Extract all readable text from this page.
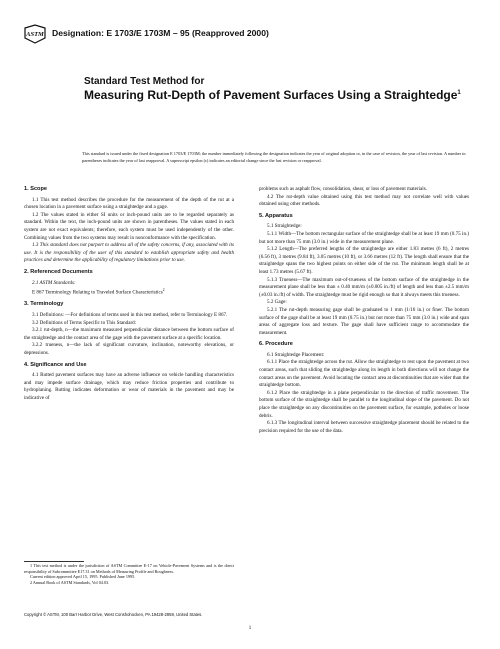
ASTM Designation: E 1703/E 1703M – 95 (Reapproved 2000)
Standard Test Method for
Measuring Rut-Depth of Pavement Surfaces Using a Straightedge$^1$
This standard is issued under the fixed designation E 1703/E 1703M; the number immediately following the designation indicates the year of original adoption or, in the case of revision, the year of last revision. A number in parentheses indicates the year of last reapproval. A superscript epsilon (ε) indicates an editorial change since the last revision or reapproval.
1. Scope

1.1 This test method describes the procedure for the measurement of the depth of the rut at a chosen location in a pavement surface using a straightedge and a gage.

1.2 The values stated in either SI units or inch-pound units are to be regarded separately as standard. Within the text, the inch-pound units are shown in parentheses. The values stated in each system are not exact equivalents; therefore, each system must be used independently of the other. Combining values from the two systems may result in nonconformance with the specification.

1.3 This standard does not purport to address all of the safety concerns, if any, associated with its use. It is the responsibility of the user of this standard to establish appropriate safety and health practices and determine the applicability of regulatory limitations prior to use.

2. Referenced Documents

2.1 ASTM Standards:

E 867 Terminology Relating to Traveled Surface Characteristics$^2$

3. Terminology

3.1 Definitions: —For definitions of terms used in this test method, refer to Terminology E 867.

3.2 Definitions of Terms Specific to This Standard:

3.2.1 rut-depth, n—the maximum measured perpendicular distance between the bottom surface of the straightedge and the contact area of the gage with the pavement surface at a specific location.

3.2.2 trueness, n—the lack of significant curvature, inclination, noteworthy elevations, or depressions.

4. Significance and Use

4.1 Rutted pavement surfaces may have an adverse influence on vehicle handling characteristics and may impede surface drainage, which may reduce friction properties and contribute to hydroplaning. Rutting indicates deformation or wear of materials in the pavement and may be indicative of

1 This test method is under the jurisdiction of ASTM Committee E-17 on Vehicle-Pavement Systems and is the direct responsibility of Subcommittee E17.31 on Methods of Measuring Profile and Roughness.

Current edition approved April 15, 1995. Published June 1995.

2 Annual Book of ASTM Standards, Vol 04.03.

problems such as asphalt flow, consolidation, shear, or loss of pavement materials.

4.2 The rut-depth value obtained using this test method may not correlate well with values obtained using other methods.

5. Apparatus

5.1 Straightedge:

5.1.1 Width—The bottom rectangular surface of the straightedge shall be at least 19 mm (0.75 in.) but not more than 75 mm (3.0 in.) wide in the measurement plane.

5.1.2 Length—The preferred lengths of the straightedge are either 1.83 metres (6 ft), 2 metres (6.56 ft), 3 metres (9.84 ft), 3.05 metres (10 ft), or 3.66 metres (12 ft). The length shall ensure that the straightedge spans the two highest points on either side of the rut. The minimum length shall be at least 1.73 metres (5.67 ft).

5.1.3 Trueness—The maximum out-of-trueness of the bottom surface of the straightedge in the measurement plane shall be less than ± 0.40 mm/m (±0.005 in./ft) of length and less than ±2.5 mm/m (±0.03 in./ft) of width. The straightedge must be rigid enough so that it always meets this trueness.

5.2 Gage:

5.2.1 The rut-depth measuring gage shall be graduated to 1 mm (1/16 in.) or finer. The bottom surface of the gage shall be at least 19 mm (0.75 in.) but not more than 75 mm (3.0 in.) wide and span areas of aggregate loss and texture. The gage shall have sufficient range to accommodate the measurement.

6. Procedure

6.1 Straightedge Placement:

6.1.1 Place the straightedge across the rut. Allow the straightedge to rest upon the pavement at two contact areas, such that sliding the straightedge along its length in both directions will not change the contact areas on the pavement. Avoid locating the contact area at discontinuities that are wider than the straightedge bottom.

6.1.2 Place the straightedge in a plane perpendicular to the direction of traffic movement. The bottom surface of the straightedge shall be parallel to the longitudinal slope of the pavement. Do not place the straightedge on any discontinuities on the pavement surface, for example, potholes or loose debris.

6.1.3 The longitudinal interval between successive straightedge placement should be related to the precision required for the use of the data.

Copyright © ASTM, 100 Barr Harbor Drive, West Conshohocken, PA 19428-2959, United States.
1
